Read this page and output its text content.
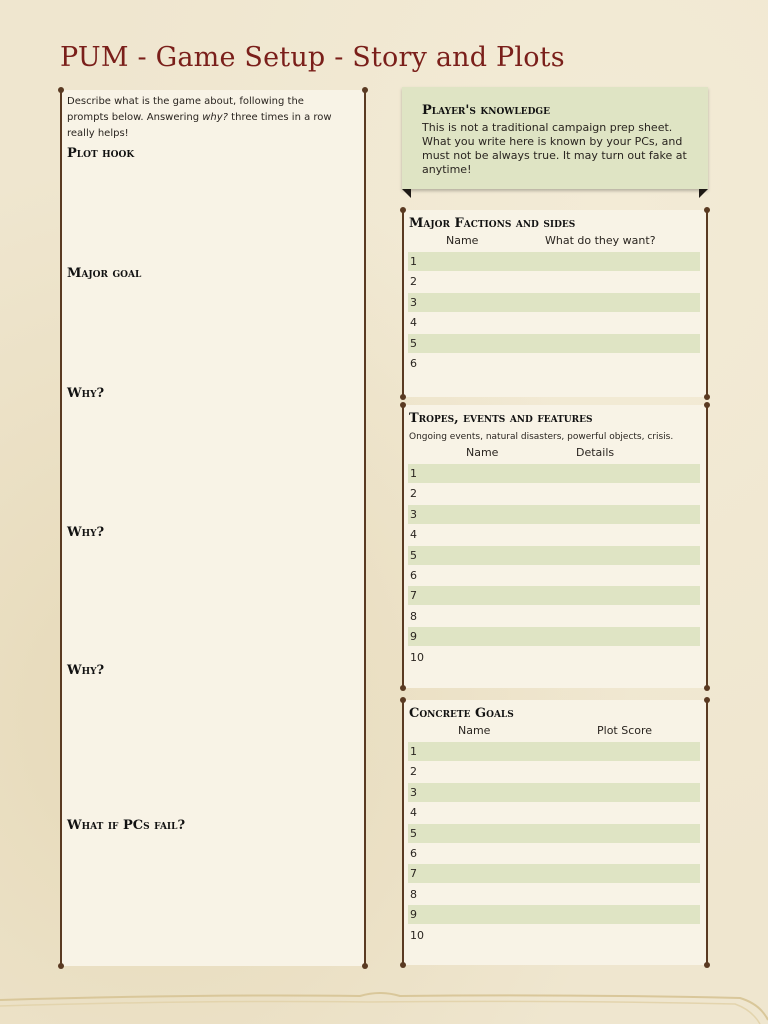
PUM - Game Setup - Story and Plots
Describe what is the game about, following the prompts below. Answering why? three times in a row really helps!
Plot hook
Major goal
Why?
Why?
Why?
What if PCs fail?
Player's knowledge
This is not a traditional campaign prep sheet. What you write here is known by your PCs, and must not be always true. It may turn out fake at anytime!
Major Factions and sides
Name	What do they want?
1
2
3
4
5
6
Tropes, events and features
Ongoing events, natural disasters, powerful objects, crisis.
Name	Details
1
2
3
4
5
6
7
8
9
10
Concrete Goals
Name	Plot Score
1
2
3
4
5
6
7
8
9
10
